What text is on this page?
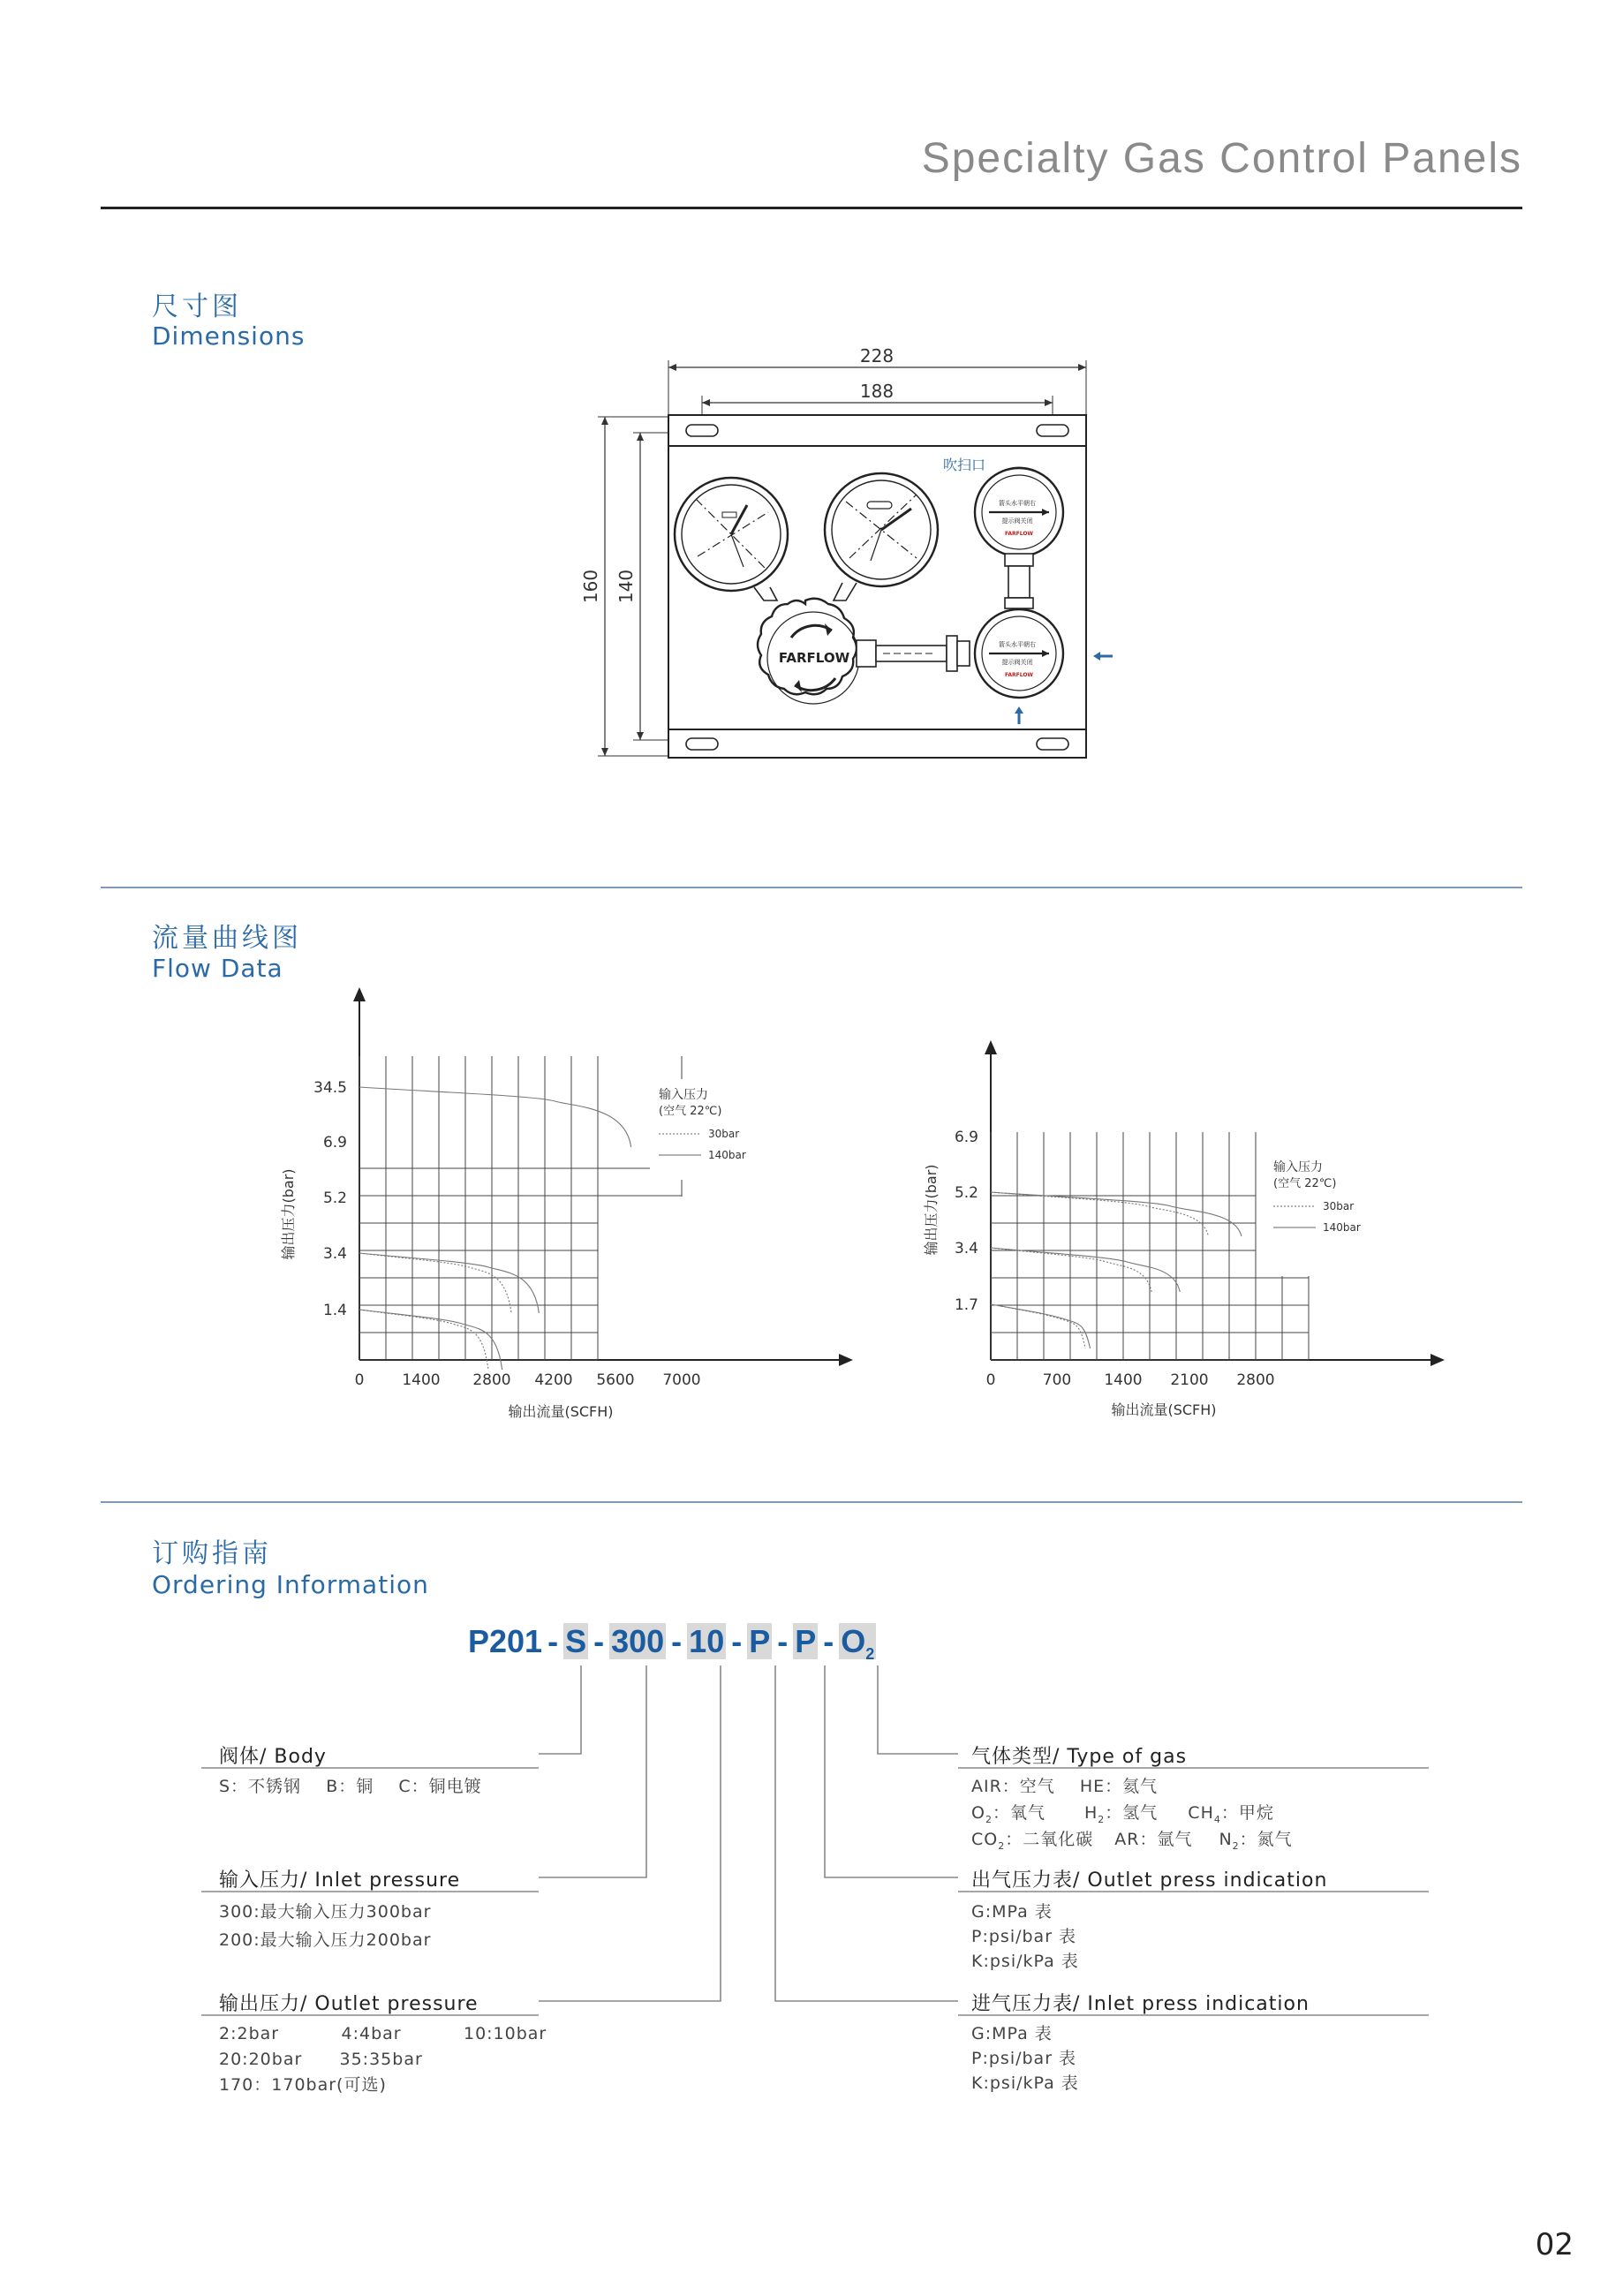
Specialty Gas Control Panels
尺寸图
Dimensions
228
188
160 140
FARFLOW
箭头水平朝右
提示阀关闭
FARFLOW
吹扫口
箭头水平朝右
提示阀关闭
FARFLOW
流量曲线图
Flow Data
输入压力
(空气 22℃)
30bar
140bar
0	1400 2800 4200 5600 7000
34.5
6.9
5.2
3.4
1.4
输出流量(SCFH)
输出压力(bar)
输入压力
(空气 22℃)
30bar
140bar
0	700 1400 2100 2800
6.9
5.2
3.4
1.7
输出流量(SCFH)
输出压力(bar)
订购指南
Ordering Information
P201 - S - 300 - 10 - P - P - $O_2$
阀体/ Body
S：不锈钢    B：铜    C：铜电镀
输入压力/ Inlet pressure
300:最大输入压力300bar
200:最大输入压力200bar
输出压力/ Outlet pressure
2:2bar          4:4bar          10:10bar
20:20bar      35:35bar
170：170bar(可选)
气体类型/ Type of gas
AIR：空气 HE：氦气
$O_2$：氧气 $H_2$：氢气 $CH_4$：甲烷
$CO_2$：二氧化碳 AR：氩气 $N_2$：氮气
出气压力表/ Outlet press indication
G:MPa 表
P:psi/bar 表
K:psi/kPa 表
进气压力表/ Inlet press indication
G:MPa 表
P:psi/bar 表
K:psi/kPa 表
02
